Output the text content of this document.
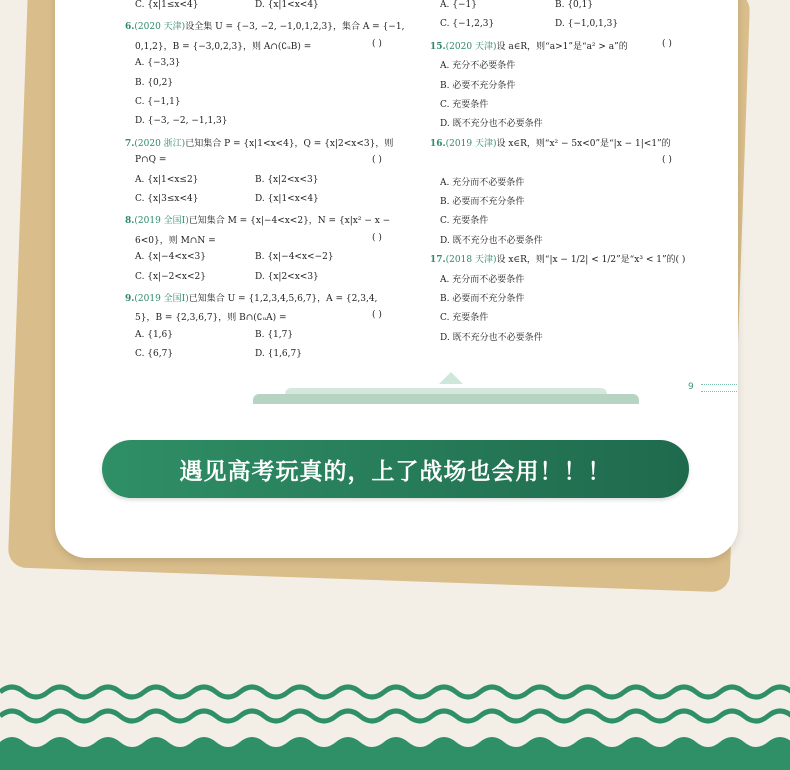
C. {x|1≤x<4}	D. {x|1<x<4}
6.(2020 天津)设全集 U = {−3, −2, −1,0,1,2,3}，集合 A = {−1,
0,1,2}，B = {−3,0,2,3}，则 A∩(∁ᵤB) =	( )
A. {−3,3}
B. {0,2}
C. {−1,1}
D. {−3, −2, −1,1,3}
7.(2020 浙江)已知集合 P = {x|1<x<4}，Q = {x|2<x<3}，则
P∩Q =	( )
A. {x|1<x≤2}	B. {x|2<x<3}
C. {x|3≤x<4}	D. {x|1<x<4}
8.(2019 全国Ⅰ)已知集合 M = {x|−4<x<2}，N = {x|x² − x −
6<0}，则 M∩N =	( )
A. {x|−4<x<3}	B. {x|−4<x<−2}
C. {x|−2<x<2}	D. {x|2<x<3}
9.(2019 全国Ⅰ)已知集合 U = {1,2,3,4,5,6,7}，A = {2,3,4,
5}，B = {2,3,6,7}，则 B∩(∁ᵤA) =	( )
A. {1,6}	B. {1,7}
C. {6,7}	D. {1,6,7}
A. {−1}	B. {0,1}
C. {−1,2,3}	D. {−1,0,1,3}
15.(2020 天津)设 a∈R，则“a>1”是“a² > a”的	( )
A. 充分不必要条件
B. 必要不充分条件
C. 充要条件
D. 既不充分也不必要条件
16.(2019 天津)设 x∈R，则“x² − 5x<0”是“|x − 1|<1”的
( )
A. 充分而不必要条件
B. 必要而不充分条件
C. 充要条件
D. 既不充分也不必要条件
17.(2018 天津)设 x∈R，则“|x − 1/2| < 1/2”是“x³ < 1”的( )
A. 充分而不必要条件
B. 必要而不充分条件
C. 充要条件
D. 既不充分也不必要条件
9
遇见高考玩真的，上了战场也会用！！！
